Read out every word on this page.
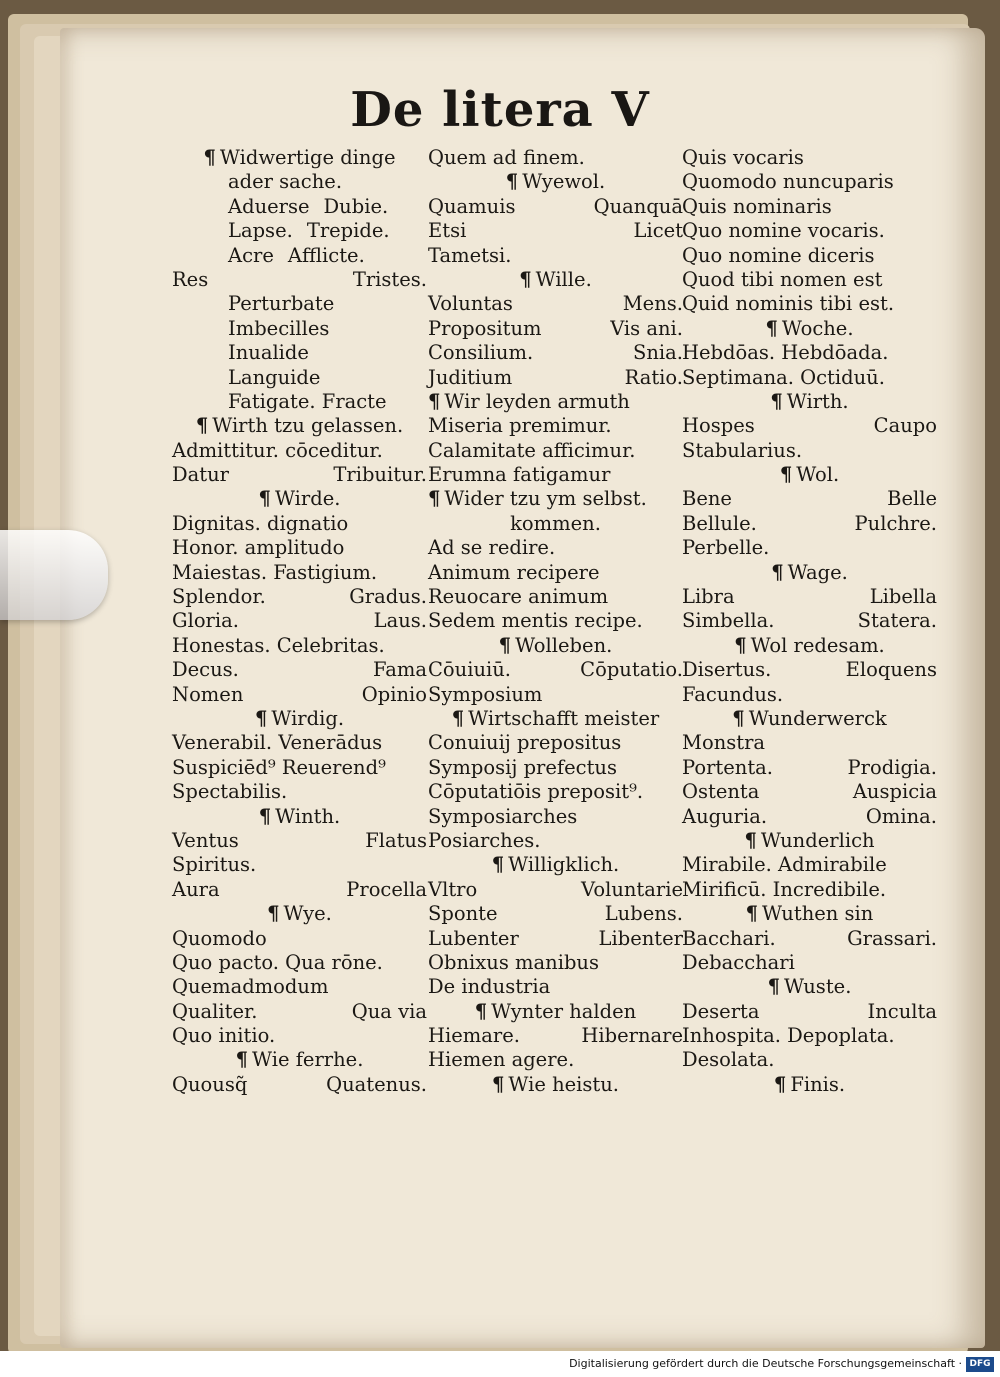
De litera V
¶ Widwertige dinge
ader sache.
Aduerse Dubie.
Lapse. Trepide.
Acre Afflicte.
Res	Tristes.
Perturbate
Imbecilles
Inualide
Languide
Fatigate. Fracte
¶ Wirth tzu gelassen.
Admittitur. cōceditur.
Datur	Tribuitur.
¶ Wirde.
Dignitas. dignatio
Honor. amplitudo
Maiestas. Fastigium.
Splendor.	Gradus.
Gloria.	Laus.
Honestas. Celebritas.
Decus.	Fama
Nomen	Opinio
¶ Wirdig.
Venerabil. Venerādus
Suspiciēd⁹ Reuerend⁹
Spectabilis.
¶ Winth.
Ventus	Flatus
Spiritus.
Aura	Procella
¶ Wye.
Quomodo
Quo pacto. Qua rōne.
Quemadmodum
Qualiter.	Qua via
Quo initio.
¶ Wie ferrhe.
Quousq̃	Quatenus.
Quem ad finem.
¶ Wyewol.
Quamuis	Quanquā
Etsi	Licet
Tametsi.
¶ Wille.
Voluntas	Mens.
Propositum	Vis ani.
Consilium.	Snia.
Juditium	Ratio.
¶ Wir leyden armuth
Miseria premimur.
Calamitate afficimur.
Erumna fatigamur
¶ Wider tzu ym selbst.
kommen.
Ad se redire.
Animum recipere
Reuocare animum
Sedem mentis recipe.
¶ Wolleben.
Cōuiuiū.	Cōputatio.
Symposium
¶ Wirtschafft meister
Conuiuij prepositus
Symposij prefectus
Cōputatiōis preposit⁹.
Symposiarches
Posiarches.
¶ Willigklich.
Vltro	Voluntarie
Sponte	Lubens.
Lubenter	Libenter
Obnixus manibus
De industria
¶ Wynter halden
Hiemare.	Hibernare
Hiemen agere.
¶ Wie heistu.
Quis vocaris
Quomodo nuncuparis
Quis nominaris
Quo nomine vocaris.
Quo nomine diceris
Quod tibi nomen est
Quid nominis tibi est.
¶ Woche.
Hebdōas. Hebdōada.
Septimana. Octiduū.
¶ Wirth.
Hospes	Caupo
Stabularius.
¶ Wol.
Bene	Belle
Bellule.	Pulchre.
Perbelle.
¶ Wage.
Libra	Libella
Simbella.	Statera.
¶ Wol redesam.
Disertus.	Eloquens
Facundus.
¶ Wunderwerck
Monstra
Portenta.	Prodigia.
Ostenta	Auspicia
Auguria.	Omina.
¶ Wunderlich
Mirabile. Admirabile
Mirificū. Incredibile.
¶ Wuthen sin
Bacchari.	Grassari.
Debacchari
¶ Wuste.
Deserta	Inculta
Inhospita. Depoplata.
Desolata.
¶ Finis.
Digitalisierung gefördert durch die Deutsche Forschungsgemeinschaft · DFG
